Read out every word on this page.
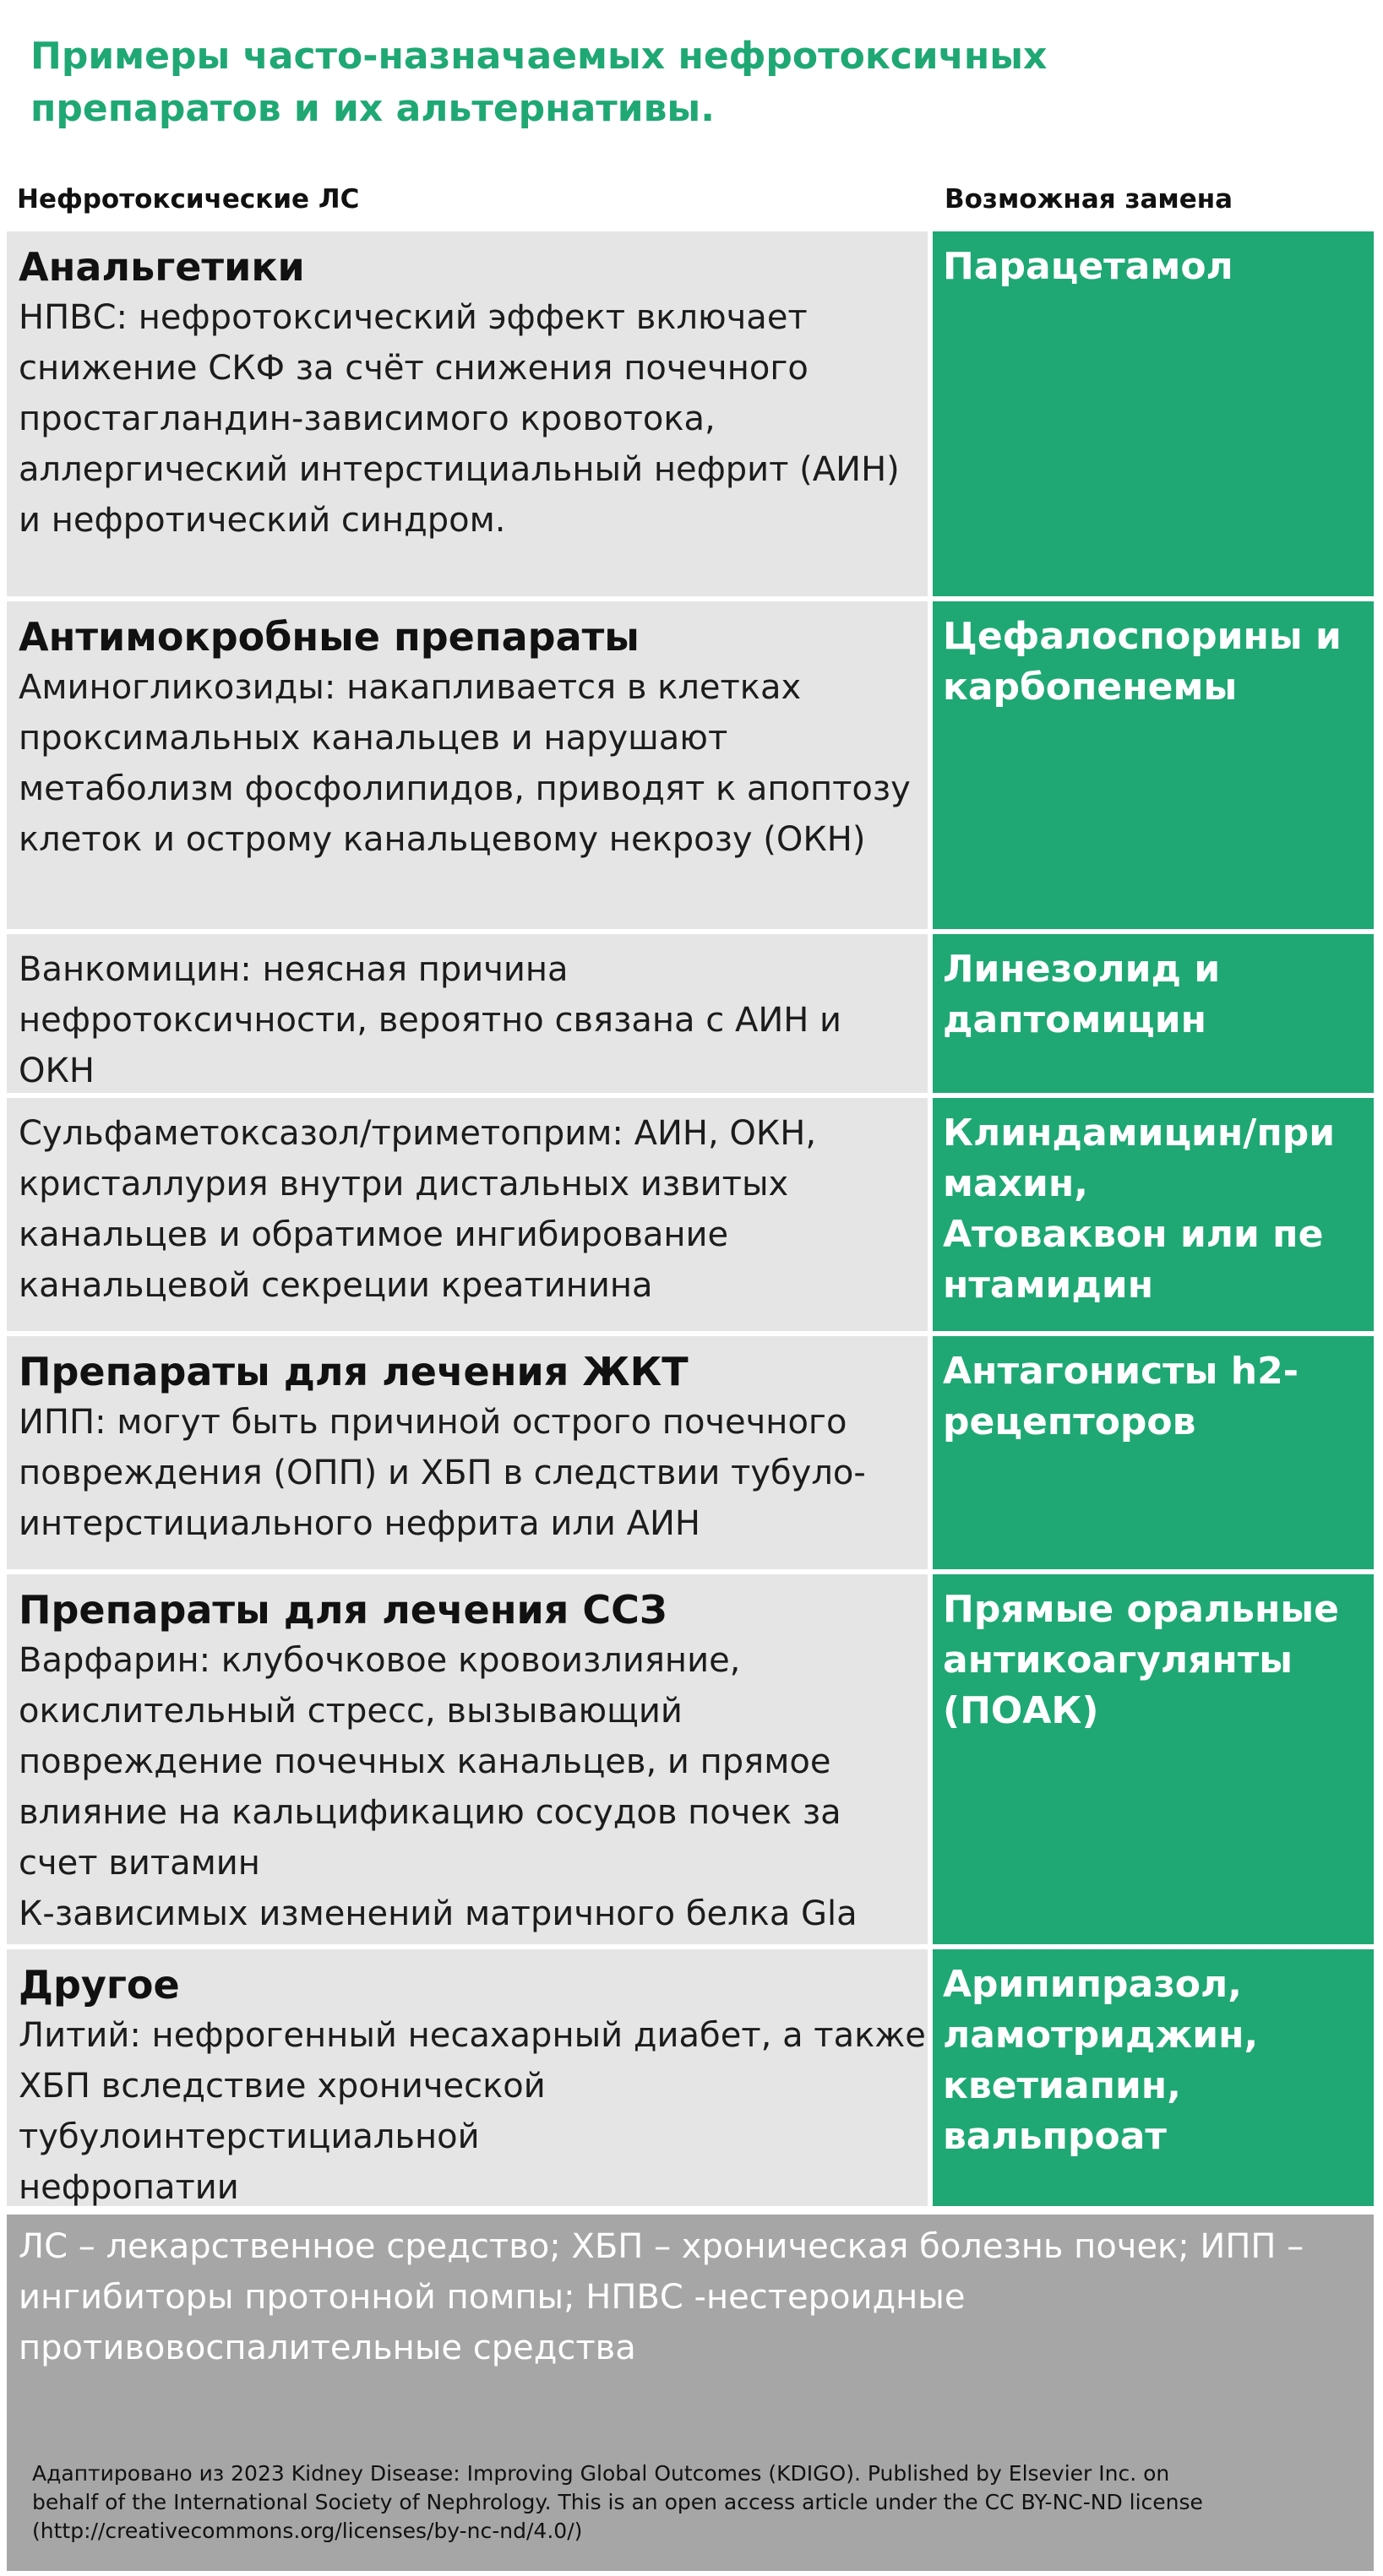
Примеры часто-назначаемых нефротоксичных
препаратов и их альтернативы.
Нефротоксические ЛС	Возможная замена
Анальгетики
НПВС: нефротоксический эффект включает
снижение СКФ за счёт снижения почечного
простагландин-зависимого кровотока,
аллергический интерстициальный нефрит (АИН)
и нефротический синдром.
Парацетамол
Антимокробные препараты
Аминогликозиды: накапливается в клетках
проксимальных канальцев и нарушают
метаболизм фосфолипидов, приводят к апоптозу
клеток и острому канальцевому некрозу (ОКН)
Цефалоспорины и
карбопенемы
Ванкомицин: неясная причина
нефротоксичности, вероятно связана с АИН и
ОКН
Линезолид и
даптомицин
Сульфаметоксазол/триметоприм: АИН, ОКН,
кристаллурия внутри дистальных извитых
канальцев и обратимое ингибирование
канальцевой секреции креатинина
Клиндамицин/при
махин,
Атоваквон или пе
нтамидин
Препараты для лечения ЖКТ
ИПП: могут быть причиной острого почечного
повреждения (ОПП) и ХБП в следствии тубуло-
интерстициального нефрита или АИН
Антагонисты h2-
рецепторов
Препараты для лечения ССЗ
Варфарин: клубочковое кровоизлияние,
окислительный стресс, вызывающий
повреждение почечных канальцев, и прямое
влияние на кальцификацию сосудов почек за
счет витамин
К-зависимых изменений матричного белка Gla
Прямые оральные
антикоагулянты
(ПОАК)
Другое
Литий: нефрогенный несахарный диабет, а также
ХБП вследствие хронической
тубулоинтерстициальной
нефропатии
Арипипразол,
ламотриджин,
кветиапин,
вальпроат
ЛС – лекарственное средство; ХБП – хроническая болезнь почек; ИПП –
ингибиторы протонной помпы; НПВС -нестероидные
противовоспалительные средства
Адаптировано из 2023 Kidney Disease: Improving Global Outcomes (KDIGO). Published by Elsevier Inc. on
behalf of the International Society of Nephrology. This is an open access article under the CC BY-NC-ND license
(http://creativecommons.org/licenses/by-nc-nd/4.0/)
